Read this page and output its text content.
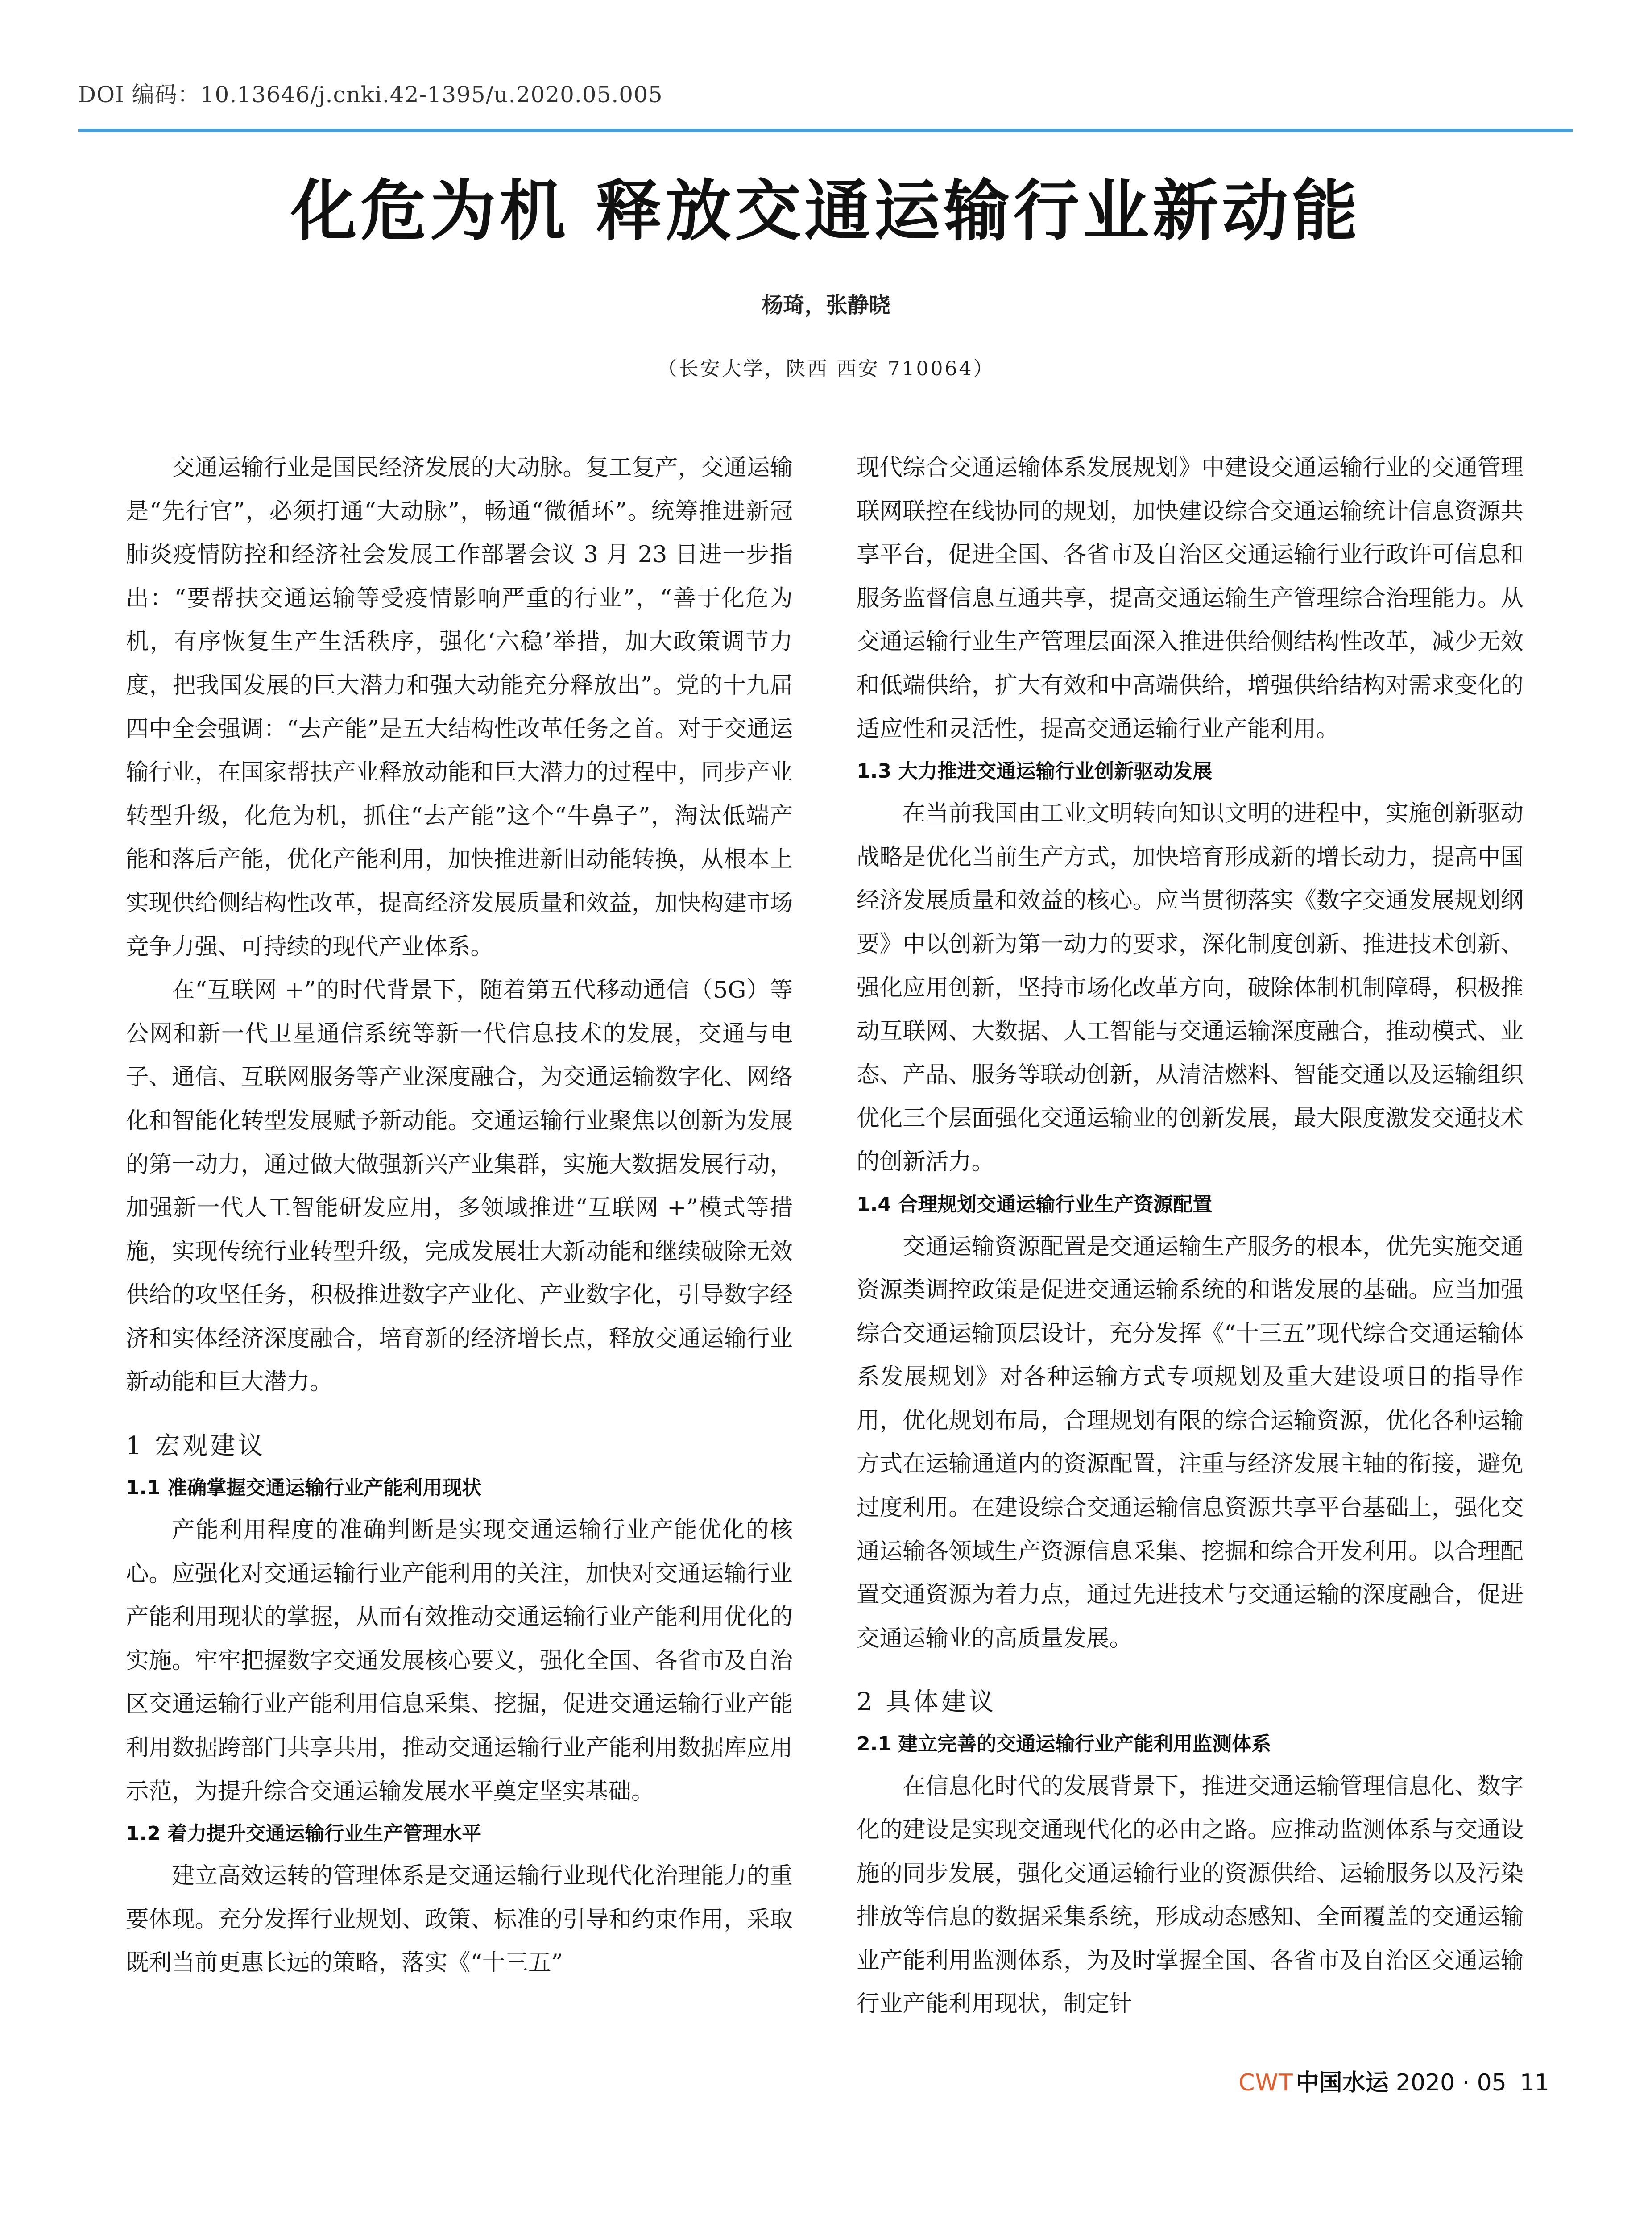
DOI 编码：10.13646/j.cnki.42-1395/u.2020.05.005
化危为机 释放交通运输行业新动能
杨琦，张静晓
（长安大学，陕西 西安 710064）

交通运输行业是国民经济发展的大动脉。复工复产，交通运输是“先行官”，必须打通“大动脉”，畅通“微循环”。统筹推进新冠肺炎疫情防控和经济社会发展工作部署会议 3 月 23 日进一步指出：“要帮扶交通运输等受疫情影响严重的行业”，“善于化危为机，有序恢复生产生活秩序，强化‘六稳’举措，加大政策调节力度，把我国发展的巨大潜力和强大动能充分释放出”。党的十九届四中全会强调：“去产能”是五大结构性改革任务之首。对于交通运输行业，在国家帮扶产业释放动能和巨大潜力的过程中，同步产业转型升级，化危为机，抓住“去产能”这个“牛鼻子”，淘汰低端产能和落后产能，优化产能利用，加快推进新旧动能转换，从根本上实现供给侧结构性改革，提高经济发展质量和效益，加快构建市场竞争力强、可持续的现代产业体系。

在“互联网 +”的时代背景下，随着第五代移动通信（5G）等公网和新一代卫星通信系统等新一代信息技术的发展，交通与电子、通信、互联网服务等产业深度融合，为交通运输数字化、网络化和智能化转型发展赋予新动能。交通运输行业聚焦以创新为发展的第一动力，通过做大做强新兴产业集群，实施大数据发展行动，加强新一代人工智能研发应用，多领域推进“互联网 +”模式等措施，实现传统行业转型升级，完成发展壮大新动能和继续破除无效供给的攻坚任务，积极推进数字产业化、产业数字化，引导数字经济和实体经济深度融合，培育新的经济增长点，释放交通运输行业新动能和巨大潜力。

1 宏观建议
1.1 准确掌握交通运输行业产能利用现状

产能利用程度的准确判断是实现交通运输行业产能优化的核心。应强化对交通运输行业产能利用的关注，加快对交通运输行业产能利用现状的掌握，从而有效推动交通运输行业产能利用优化的实施。牢牢把握数字交通发展核心要义，强化全国、各省市及自治区交通运输行业产能利用信息采集、挖掘，促进交通运输行业产能利用数据跨部门共享共用，推动交通运输行业产能利用数据库应用示范，为提升综合交通运输发展水平奠定坚实基础。

1.2 着力提升交通运输行业生产管理水平

建立高效运转的管理体系是交通运输行业现代化治理能力的重要体现。充分发挥行业规划、政策、标准的引导和约束作用，采取既利当前更惠长远的策略，落实《“十三五”

现代综合交通运输体系发展规划》中建设交通运输行业的交通管理联网联控在线协同的规划，加快建设综合交通运输统计信息资源共享平台，促进全国、各省市及自治区交通运输行业行政许可信息和服务监督信息互通共享，提高交通运输生产管理综合治理能力。从交通运输行业生产管理层面深入推进供给侧结构性改革，减少无效和低端供给，扩大有效和中高端供给，增强供给结构对需求变化的适应性和灵活性，提高交通运输行业产能利用。

1.3 大力推进交通运输行业创新驱动发展

在当前我国由工业文明转向知识文明的进程中，实施创新驱动战略是优化当前生产方式，加快培育形成新的增长动力，提高中国经济发展质量和效益的核心。应当贯彻落实《数字交通发展规划纲要》中以创新为第一动力的要求，深化制度创新、推进技术创新、强化应用创新，坚持市场化改革方向，破除体制机制障碍，积极推动互联网、大数据、人工智能与交通运输深度融合，推动模式、业态、产品、服务等联动创新，从清洁燃料、智能交通以及运输组织优化三个层面强化交通运输业的创新发展，最大限度激发交通技术的创新活力。

1.4 合理规划交通运输行业生产资源配置

交通运输资源配置是交通运输生产服务的根本，优先实施交通资源类调控政策是促进交通运输系统的和谐发展的基础。应当加强综合交通运输顶层设计，充分发挥《“十三五”现代综合交通运输体系发展规划》对各种运输方式专项规划及重大建设项目的指导作用，优化规划布局，合理规划有限的综合运输资源，优化各种运输方式在运输通道内的资源配置，注重与经济发展主轴的衔接，避免过度利用。在建设综合交通运输信息资源共享平台基础上，强化交通运输各领域生产资源信息采集、挖掘和综合开发利用。以合理配置交通资源为着力点，通过先进技术与交通运输的深度融合，促进交通运输业的高质量发展。

2 具体建议
2.1 建立完善的交通运输行业产能利用监测体系

在信息化时代的发展背景下，推进交通运输管理信息化、数字化的建设是实现交通现代化的必由之路。应推动监测体系与交通设施的同步发展，强化交通运输行业的资源供给、运输服务以及污染排放等信息的数据采集系统，形成动态感知、全面覆盖的交通运输业产能利用监测体系，为及时掌握全国、各省市及自治区交通运输行业产能利用现状，制定针

CWT 中国水运 2020 · 05 11
